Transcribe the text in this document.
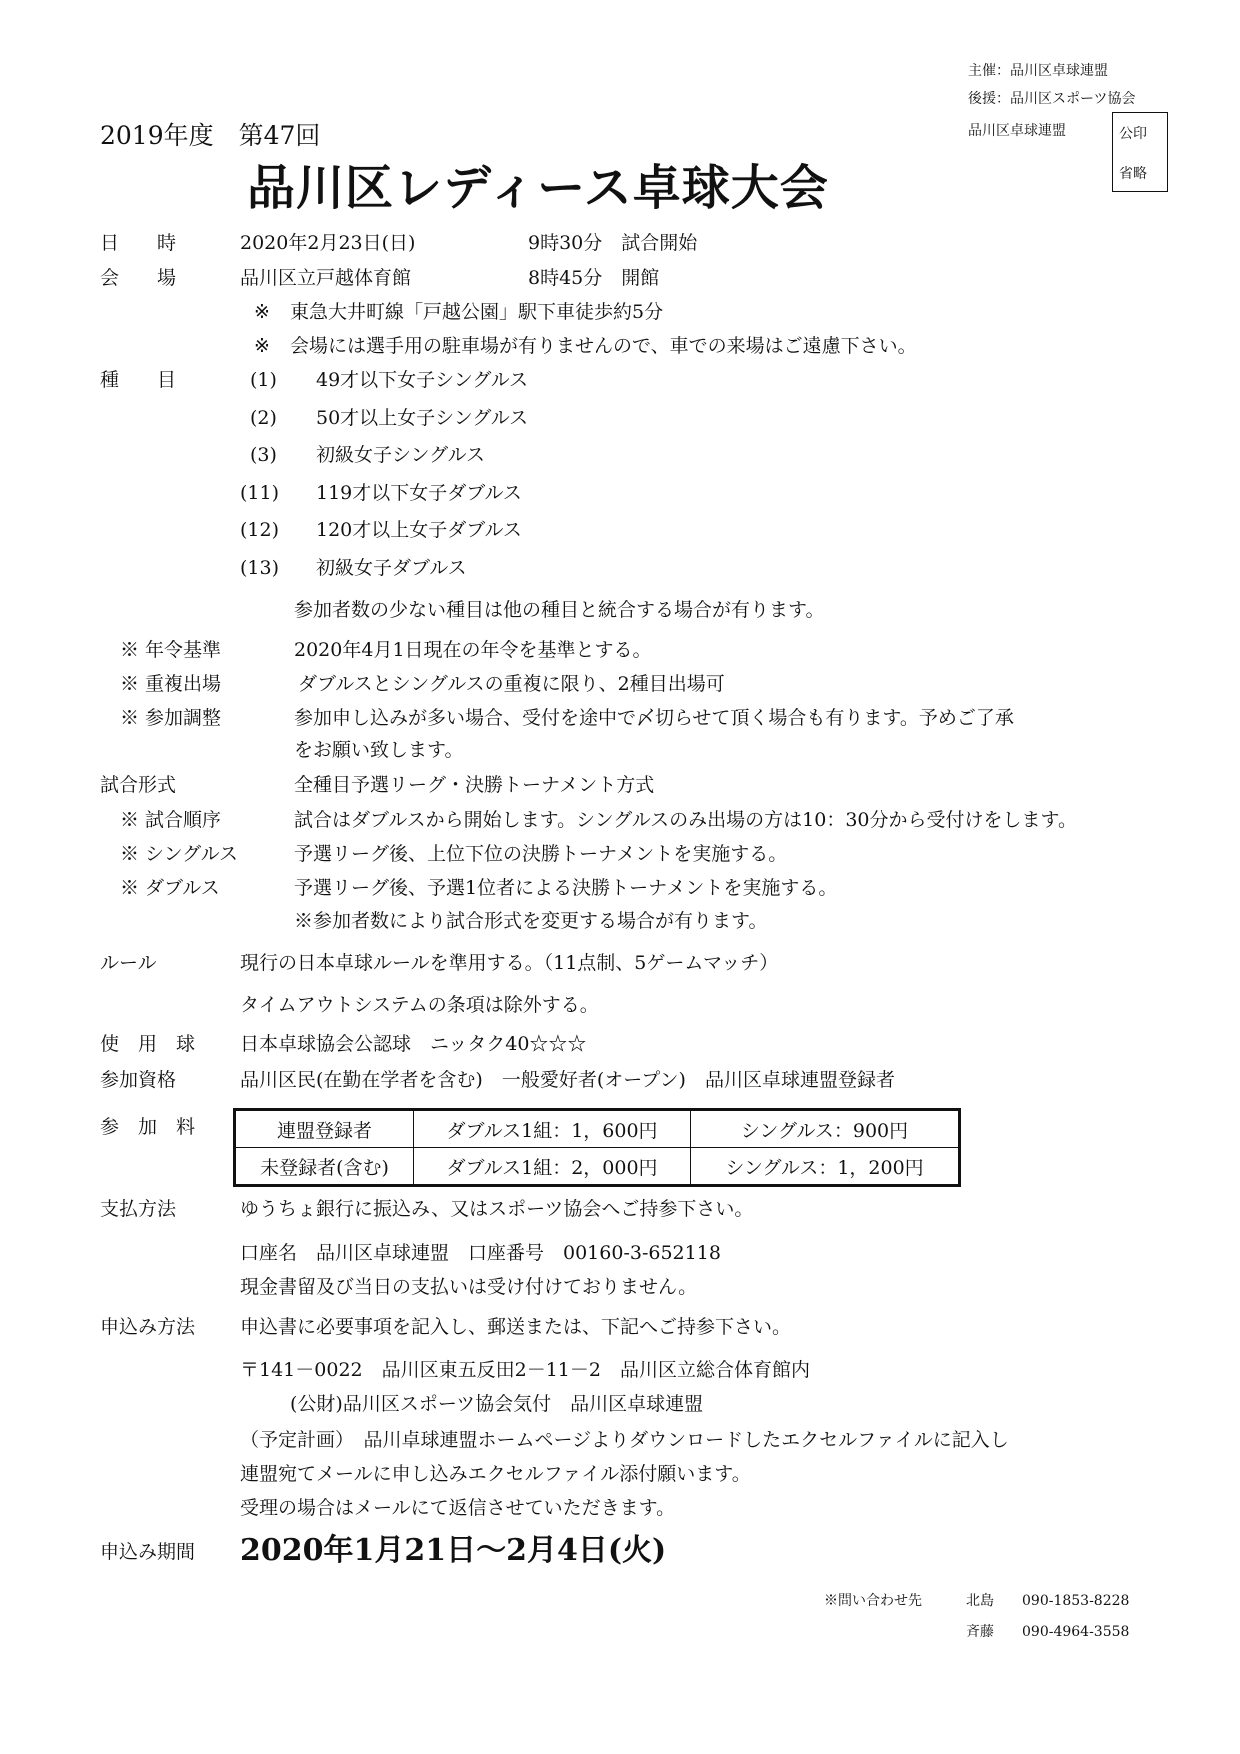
主催：品川区卓球連盟
後援：品川区スポーツ協会
品川区卓球連盟	公印
省略
2019年度　第47回
品川区レディース卓球大会
日　　時	2020年2月23日(日)	9時30分　試合開始
会　　場	品川区立戸越体育館	8時45分　開館
※ 東急大井町線「戸越公園」駅下車徒歩約5分
※ 会場には選手用の駐車場が有りませんので、車での来場はご遠慮下さい。
種　　目	(1) 49才以下女子シングルス
(2) 50才以上女子シングルス
(3) 初級女子シングルス
(11) 119才以下女子ダブルス
(12) 120才以上女子ダブルス
(13) 初級女子ダブルス
参加者数の少ない種目は他の種目と統合する場合が有ります。
※ 年令基準	2020年4月1日現在の年令を基準とする。
※ 重複出場	ダブルスとシングルスの重複に限り、2種目出場可
※ 参加調整	参加申し込みが多い場合、受付を途中で〆切らせて頂く場合も有ります。予めご了承
をお願い致します。
試合形式	全種目予選リーグ・決勝トーナメント方式
※ 試合順序	試合はダブルスから開始します。シングルスのみ出場の方は10：30分から受付けをします。
※ シングルス	予選リーグ後、上位下位の決勝トーナメントを実施する。
※ ダブルス	予選リーグ後、予選1位者による決勝トーナメントを実施する。
※参加者数により試合形式を変更する場合が有ります。
ルール	現行の日本卓球ルールを準用する。（11点制、5ゲームマッチ）
タイムアウトシステムの条項は除外する。
使　用　球 日本卓球協会公認球　ニッタク40☆☆☆
参加資格	品川区民(在勤在学者を含む)　一般愛好者(オープン)　品川区卓球連盟登録者
参　加　料	連盟登録者	ダブルス1組：1，600円	シングルス：900円
未登録者(含む)	ダブルス1組：2，000円	シングルス：1，200円
支払方法	ゆうちょ銀行に振込み、又はスポーツ協会へご持参下さい。
口座名　品川区卓球連盟　口座番号　00160-3-652118
現金書留及び当日の支払いは受け付けておりません。
申込み方法 申込書に必要事項を記入し、郵送または、下記へご持参下さい。
〒141－0022　品川区東五反田2－11－2　品川区立総合体育館内
(公財)品川区スポーツ協会気付　品川区卓球連盟
（予定計画）　品川卓球連盟ホームページよりダウンロードしたエクセルファイルに記入し
連盟宛てメールに申し込みエクセルファイル添付願います。
受理の場合はメールにて返信させていただきます。
申込み期間 2020年1月21日～2月4日(火)
※問い合わせ先	北島 090-1853-8228
斉藤 090-4964-3558
